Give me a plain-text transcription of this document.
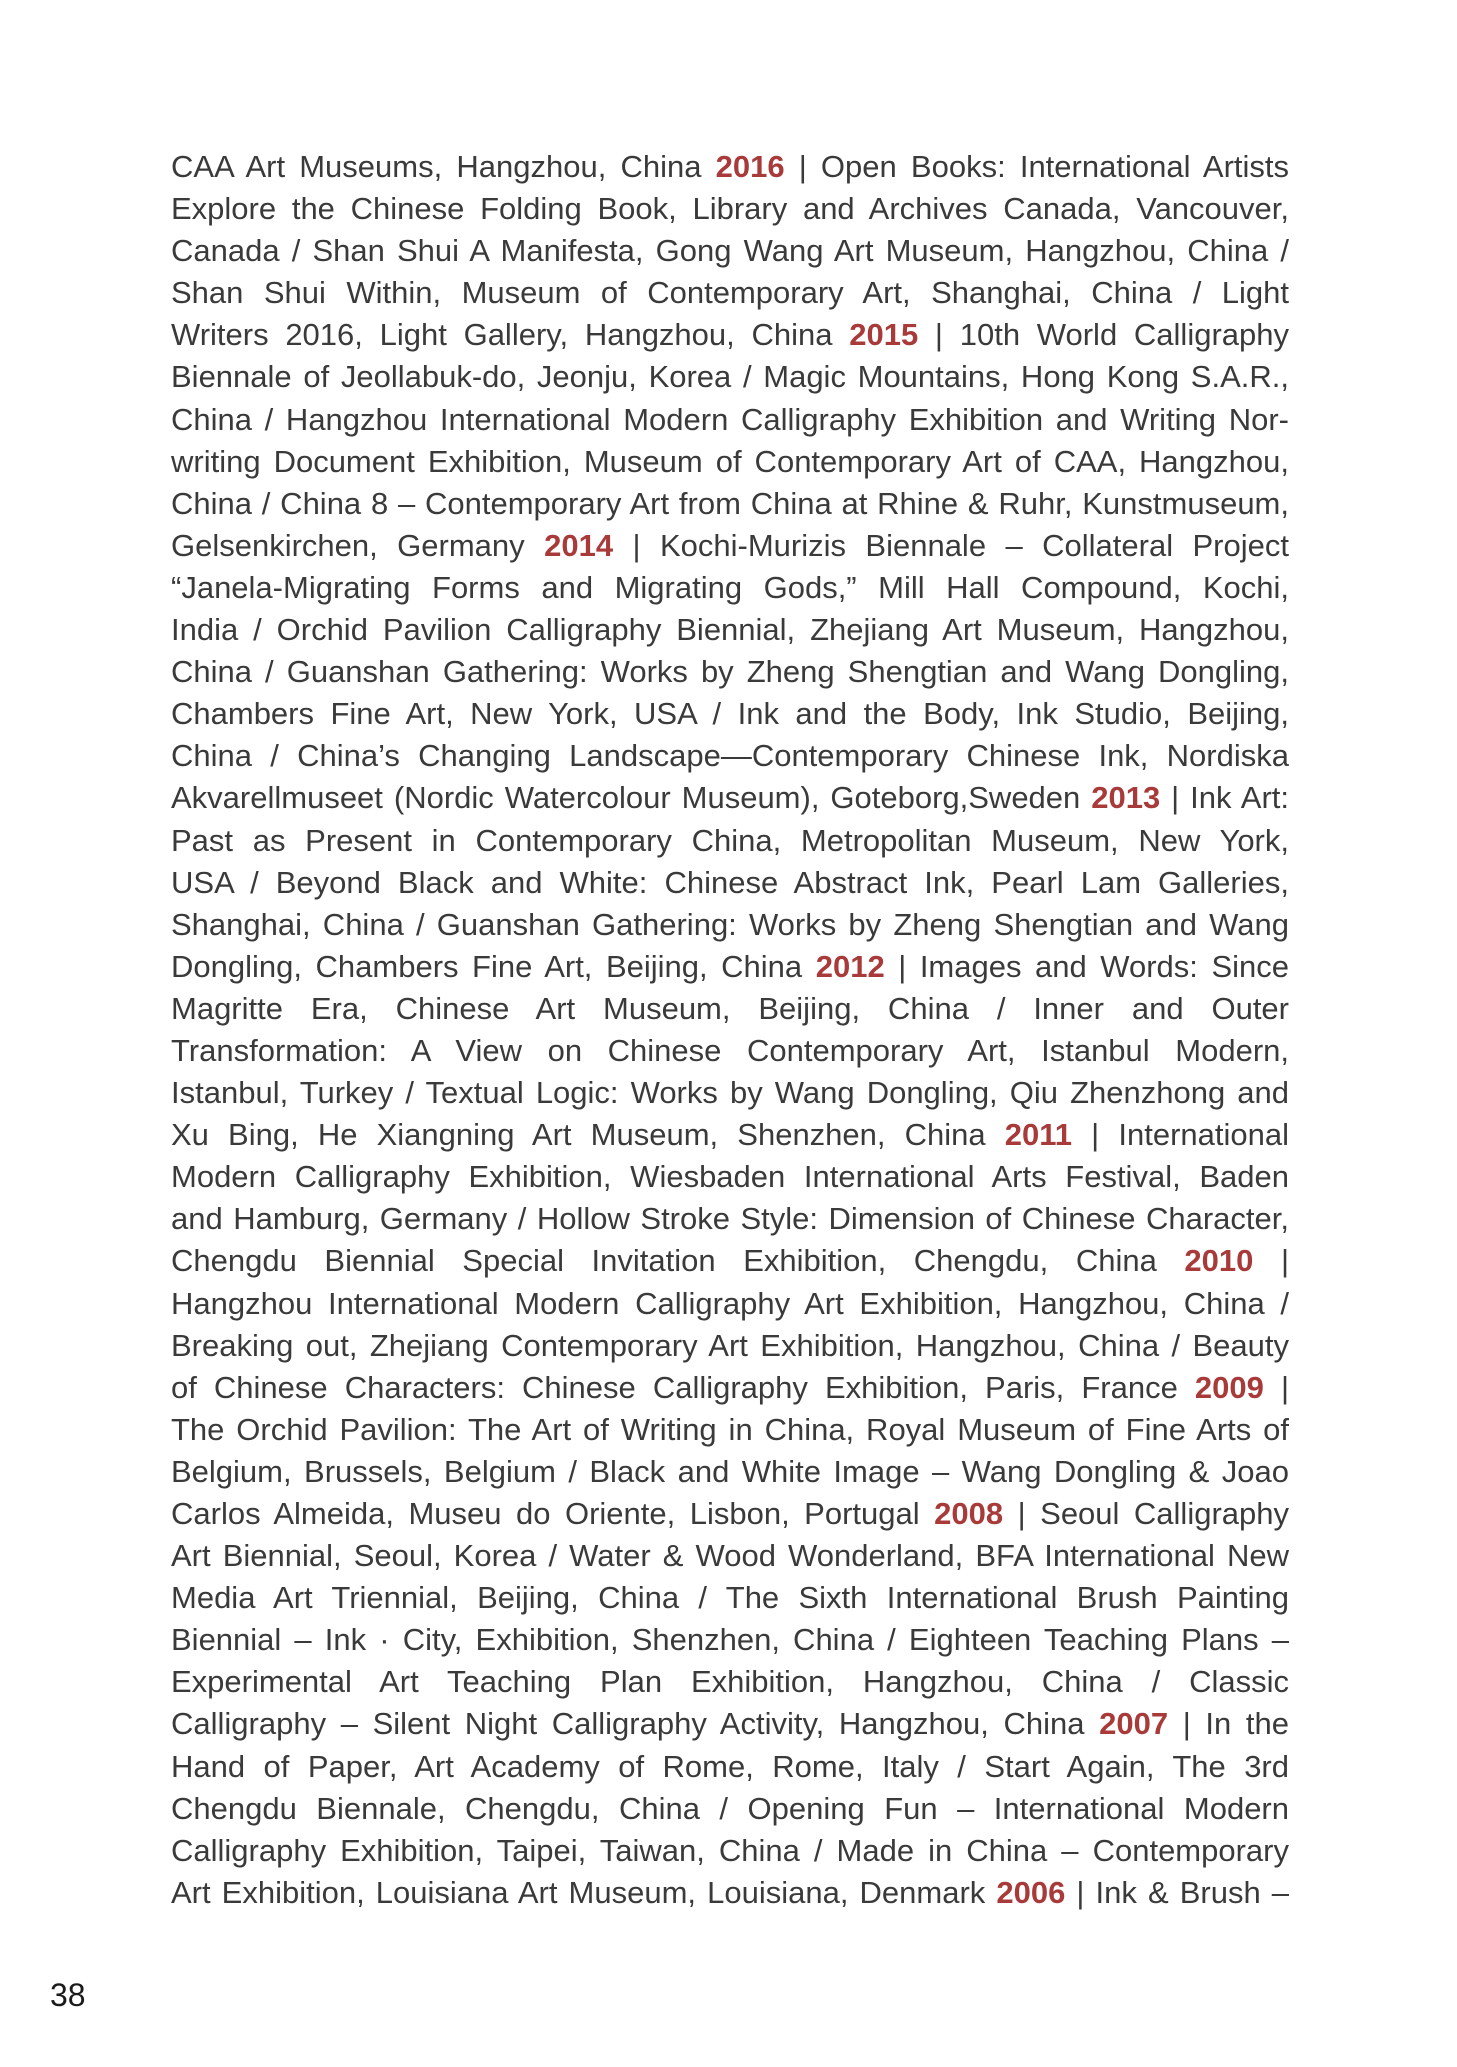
CAA Art Museums, Hangzhou, China 2016 | Open Books: International Artists
Explore the Chinese Folding Book, Library and Archives Canada, Vancouver,
Canada / Shan Shui A Manifesta, Gong Wang Art Museum, Hangzhou, China /
Shan Shui Within, Museum of Contemporary Art, Shanghai, China / Light
Writers 2016, Light Gallery, Hangzhou, China 2015 | 10th World Calligraphy
Biennale of Jeollabuk-do, Jeonju, Korea / Magic Mountains, Hong Kong S.A.R.,
China / Hangzhou International Modern Calligraphy Exhibition and Writing Nor-
writing Document Exhibition, Museum of Contemporary Art of CAA, Hangzhou,
China / China 8 – Contemporary Art from China at Rhine & Ruhr, Kunstmuseum,
Gelsenkirchen, Germany 2014 | Kochi-Murizis Biennale – Collateral Project
“Janela-Migrating Forms and Migrating Gods,” Mill Hall Compound, Kochi,
India / Orchid Pavilion Calligraphy Biennial, Zhejiang Art Museum, Hangzhou,
China / Guanshan Gathering: Works by Zheng Shengtian and Wang Dongling,
Chambers Fine Art, New York, USA / Ink and the Body, Ink Studio, Beijing,
China / China’s Changing Landscape—Contemporary Chinese Ink, Nordiska
Akvarellmuseet (Nordic Watercolour Museum), Goteborg,Sweden 2013 | Ink Art:
Past as Present in Contemporary China, Metropolitan Museum, New York,
USA / Beyond Black and White: Chinese Abstract Ink, Pearl Lam Galleries,
Shanghai, China / Guanshan Gathering: Works by Zheng Shengtian and Wang
Dongling, Chambers Fine Art, Beijing, China 2012 | Images and Words: Since
Magritte Era, Chinese Art Museum, Beijing, China / Inner and Outer
Transformation: A View on Chinese Contemporary Art, Istanbul Modern,
Istanbul, Turkey / Textual Logic: Works by Wang Dongling, Qiu Zhenzhong and
Xu Bing, He Xiangning Art Museum, Shenzhen, China 2011 | International
Modern Calligraphy Exhibition, Wiesbaden International Arts Festival, Baden
and Hamburg, Germany / Hollow Stroke Style: Dimension of Chinese Character,
Chengdu Biennial Special Invitation Exhibition, Chengdu, China 2010 |
Hangzhou International Modern Calligraphy Art Exhibition, Hangzhou, China /
Breaking out, Zhejiang Contemporary Art Exhibition, Hangzhou, China / Beauty
of Chinese Characters: Chinese Calligraphy Exhibition, Paris, France 2009 |
The Orchid Pavilion: The Art of Writing in China, Royal Museum of Fine Arts of
Belgium, Brussels, Belgium / Black and White Image – Wang Dongling & Joao
Carlos Almeida, Museu do Oriente, Lisbon, Portugal 2008 | Seoul Calligraphy
Art Biennial, Seoul, Korea / Water & Wood Wonderland, BFA International New
Media Art Triennial, Beijing, China / The Sixth International Brush Painting
Biennial – Ink · City, Exhibition, Shenzhen, China / Eighteen Teaching Plans –
Experimental Art Teaching Plan Exhibition, Hangzhou, China / Classic
Calligraphy – Silent Night Calligraphy Activity, Hangzhou, China 2007 | In the
Hand of Paper, Art Academy of Rome, Rome, Italy / Start Again, The 3rd
Chengdu Biennale, Chengdu, China / Opening Fun – International Modern
Calligraphy Exhibition, Taipei, Taiwan, China / Made in China – Contemporary
Art Exhibition, Louisiana Art Museum, Louisiana, Denmark 2006 | Ink & Brush –
38
